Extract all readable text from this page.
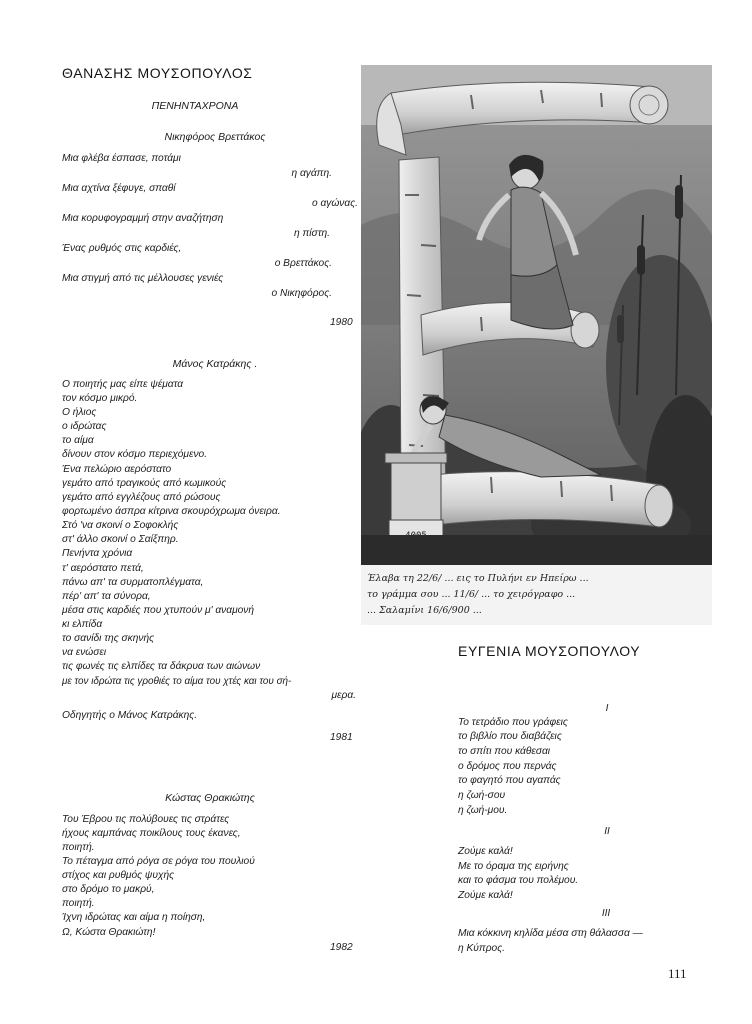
ΘΑΝΑΣΗΣ ΜΟΥΣΟΠΟΥΛΟΣ
ΠΕΝΗΝΤΑΧΡΟΝΑ
Νικηφόρος Βρεττάκος
Μια φλέβα έσπασε, ποτάμι
η αγάπη.
Μια αχτίνα ξέφυγε, σπαθί
ο αγώνας.
Μια κορυφογραμμή στην αναζήτηση
η πίστη.
Ένας ρυθμός στις καρδιές,
ο Βρεττάκος.
Μια στιγμή από τις μέλλουσες γενιές
ο Νικηφόρος.
1980
Μάνος Κατράκης .
Ο ποιητής μας είπε ψέματα
τον κόσμο μικρό.
Ο ήλιος
ο ιδρώτας
το αίμα
δίνουν στον κόσμο περιεχόμενο.
Ένα πελώριο αερόστατο
γεμάτο από τραγικούς από κωμικούς
γεμάτο από εγγλέζους από ρώσους
φορτωμένο άσπρα κίτρινα σκουρόχρωμα όνειρα.
Στό 'να σκοινί ο Σοφοκλής
στ' άλλο σκοινί ο Σαίξπηρ.
Πενήντα χρόνια
τ' αερόστατο πετά,
πάνω απ' τα συρματοπλέγματα,
πέρ' απ' τα σύνορα,
μέσα στις καρδιές που χτυπούν μ' αναμονή
κι ελπίδα
το σανίδι της σκηνής
να ενώσει
τις φωνές τις ελπίδες τα δάκρυα των αιώνων
με τον ιδρώτα τις γροθιές το αίμα του χτές και του σή-
μερα.
Οδηγητής ο Μάνος Κατράκης.
1981
Κώστας Θρακιώτης
Του Έβρου τις πολύβουες τις στράτες
ήχους καμπάνας ποικίλους τους έκανες,
ποιητή.
Το πέταγμα από ρόγα σε ρόγα του πουλιού
στίχος και ρυθμός ψυχής
στο δρόμο το μακρύ,
ποιητή.
Ίχνη ιδρώτας και αίμα η ποίηση,
Ω, Κώστα Θρακιώτη!
1982
Έλαβα τη 22/6/ ... εις το Πυλήνι εν Ηπείρω ...
το γράμμα σου ... 11/6/ ... το χειρόγραφο ...
... Σαλαμίνι 16/6/900 ...
ΕΥΓΕΝΙΑ ΜΟΥΣΟΠΟΥΛΟΥ
I
Το τετράδιο που γράφεις
το βιβλίο που διαβάζεις
το σπίτι που κάθεσαι
ο δρόμος που περνάς
το φαγητό που αγαπάς
η ζωή-σου
η ζωή-μου.
II
Ζούμε καλά!
Με το όραμα της ειρήνης
και το φάσμα του πολέμου.
Ζούμε καλά!
III
Μια κόκκινη κηλίδα μέσα στη θάλασσα —
η Κύπρος.
111
